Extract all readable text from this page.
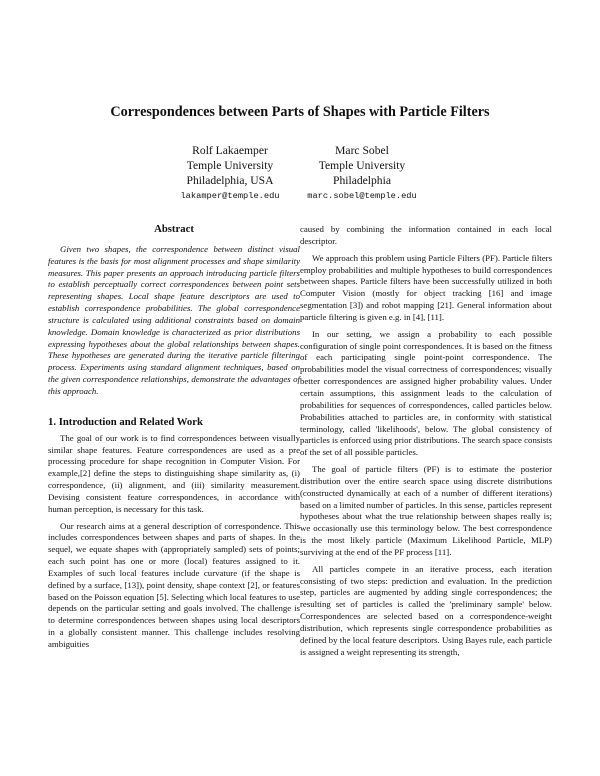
Correspondences between Parts of Shapes with Particle Filters
Rolf Lakaemper
Temple University
Philadelphia, USA
lakamper@temple.edu
Marc Sobel
Temple University
Philadelphia
marc.sobel@temple.edu
Abstract

Given two shapes, the correspondence between distinct visual features is the basis for most alignment processes and shape similarity measures. This paper presents an approach introducing particle filters to establish perceptually correct correspondences between point sets representing shapes. Local shape feature descriptors are used to establish correspondence probabilities. The global correspondence structure is calculated using additional constraints based on domain knowledge. Domain knowledge is characterized as prior distributions expressing hypotheses about the global relationships between shapes. These hypotheses are generated during the iterative particle filtering process. Experiments using standard alignment techniques, based on the given correspondence relationships, demonstrate the advantages of this approach.

1. Introduction and Related Work

The goal of our work is to find correspondences between visually similar shape features. Feature correspondences are used as a pre processing procedure for shape recognition in Computer Vision. For example,[2] define the steps to distinguishing shape similarity as, (i) correspondence, (ii) alignment, and (iii) similarity measurement. Devising consistent feature correspondences, in accordance with human perception, is necessary for this task.

Our research aims at a general description of correspondence. This includes correspondences between shapes and parts of shapes. In the sequel, we equate shapes with (appropriately sampled) sets of points; each such point has one or more (local) features assigned to it. Examples of such local features include curvature (if the shape is defined by a surface, [13]), point density, shape context [2], or features based on the Poisson equation [5]. Selecting which local features to use depends on the particular setting and goals involved. The challenge is to determine correspondences between shapes using local descriptors in a globally consistent manner. This challenge includes resolving ambiguities

caused by combining the information contained in each local descriptor.

We approach this problem using Particle Filters (PF). Particle filters employ probabilities and multiple hypotheses to build correspondences between shapes. Particle filters have been successfully utilized in both Computer Vision (mostly for object tracking [16] and image segmentation [3]) and robot mapping [21]. General information about particle filtering is given e.g. in [4], [11].

In our setting, we assign a probability to each possible configuration of single point correspondences. It is based on the fitness of each participating single point-point correspondence. The probabilities model the visual correctness of correspondences; visually better correspondences are assigned higher probability values. Under certain assumptions, this assignment leads to the calculation of probabilities for sequences of correspondences, called particles below. Probabilities attached to particles are, in conformity with statistical terminology, called 'likelihoods', below. The global consistency of particles is enforced using prior distributions. The search space consists of the set of all possible particles.

The goal of particle filters (PF) is to estimate the posterior distribution over the entire search space using discrete distributions (constructed dynamically at each of a number of different iterations) based on a limited number of particles. In this sense, particles represent hypotheses about what the true relationship between shapes really is; we occasionally use this terminology below. The best correspondence is the most likely particle (Maximum Likelihood Particle, MLP) surviving at the end of the PF process [11].

All particles compete in an iterative process, each iteration consisting of two steps: prediction and evaluation. In the prediction step, particles are augmented by adding single correspondences; the resulting set of particles is called the 'preliminary sample' below. Correspondences are selected based on a correspondence-weight distribution, which represents single correspondence probabilities as defined by the local feature descriptors. Using Bayes rule, each particle is assigned a weight representing its strength,
